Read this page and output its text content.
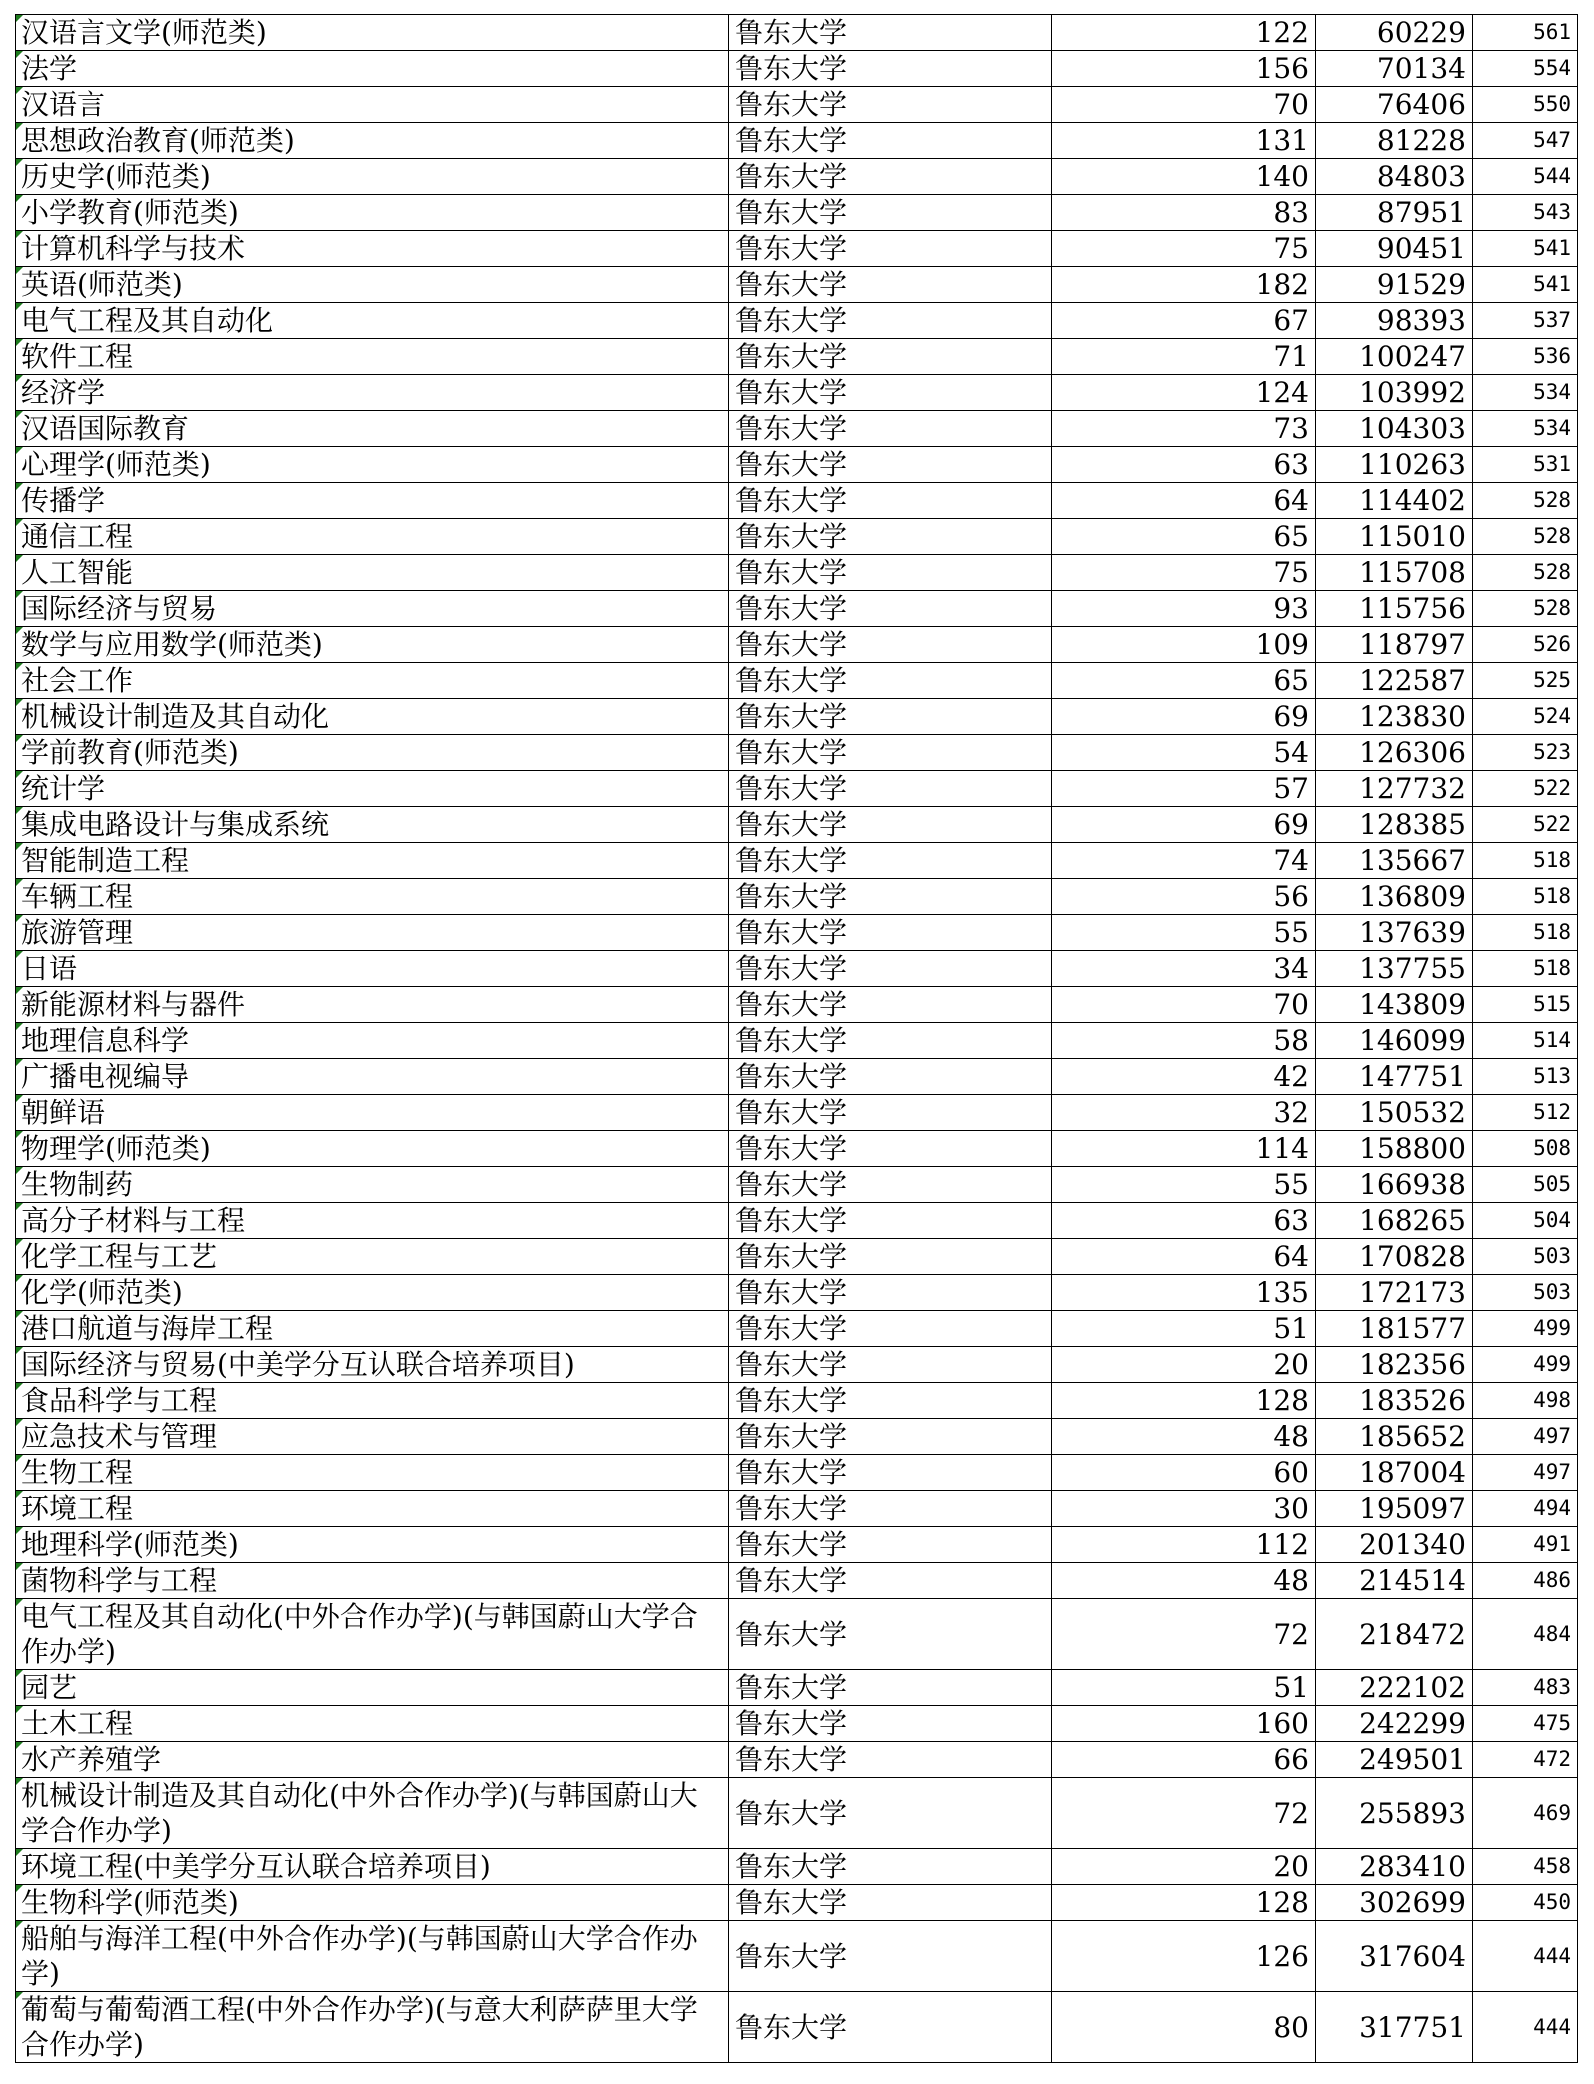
汉语言文学(师范类)	鲁东大学	122	60229	561
法学	鲁东大学	156	70134	554
汉语言	鲁东大学	70	76406	550
思想政治教育(师范类)	鲁东大学	131	81228	547
历史学(师范类)	鲁东大学	140	84803	544
小学教育(师范类)	鲁东大学	83	87951	543
计算机科学与技术	鲁东大学	75	90451	541
英语(师范类)	鲁东大学	182	91529	541
电气工程及其自动化	鲁东大学	67	98393	537
软件工程	鲁东大学	71	100247	536
经济学	鲁东大学	124	103992	534
汉语国际教育	鲁东大学	73	104303	534
心理学(师范类)	鲁东大学	63	110263	531
传播学	鲁东大学	64	114402	528
通信工程	鲁东大学	65	115010	528
人工智能	鲁东大学	75	115708	528
国际经济与贸易	鲁东大学	93	115756	528
数学与应用数学(师范类)	鲁东大学	109	118797	526
社会工作	鲁东大学	65	122587	525
机械设计制造及其自动化	鲁东大学	69	123830	524
学前教育(师范类)	鲁东大学	54	126306	523
统计学	鲁东大学	57	127732	522
集成电路设计与集成系统	鲁东大学	69	128385	522
智能制造工程	鲁东大学	74	135667	518
车辆工程	鲁东大学	56	136809	518
旅游管理	鲁东大学	55	137639	518
日语	鲁东大学	34	137755	518
新能源材料与器件	鲁东大学	70	143809	515
地理信息科学	鲁东大学	58	146099	514
广播电视编导	鲁东大学	42	147751	513
朝鲜语	鲁东大学	32	150532	512
物理学(师范类)	鲁东大学	114	158800	508
生物制药	鲁东大学	55	166938	505
高分子材料与工程	鲁东大学	63	168265	504
化学工程与工艺	鲁东大学	64	170828	503
化学(师范类)	鲁东大学	135	172173	503
港口航道与海岸工程	鲁东大学	51	181577	499
国际经济与贸易(中美学分互认联合培养项目)	鲁东大学	20	182356	499
食品科学与工程	鲁东大学	128	183526	498
应急技术与管理	鲁东大学	48	185652	497
生物工程	鲁东大学	60	187004	497
环境工程	鲁东大学	30	195097	494
地理科学(师范类)	鲁东大学	112	201340	491
菌物科学与工程	鲁东大学	48	214514	486
电气工程及其自动化(中外合作办学)(与韩国蔚山大学合作办学)	鲁东大学	72	218472	484
园艺	鲁东大学	51	222102	483
土木工程	鲁东大学	160	242299	475
水产养殖学	鲁东大学	66	249501	472
机械设计制造及其自动化(中外合作办学)(与韩国蔚山大学合作办学)	鲁东大学	72	255893	469
环境工程(中美学分互认联合培养项目)	鲁东大学	20	283410	458
生物科学(师范类)	鲁东大学	128	302699	450
船舶与海洋工程(中外合作办学)(与韩国蔚山大学合作办学)	鲁东大学	126	317604	444
葡萄与葡萄酒工程(中外合作办学)(与意大利萨萨里大学合作办学)	鲁东大学	80	317751	444
